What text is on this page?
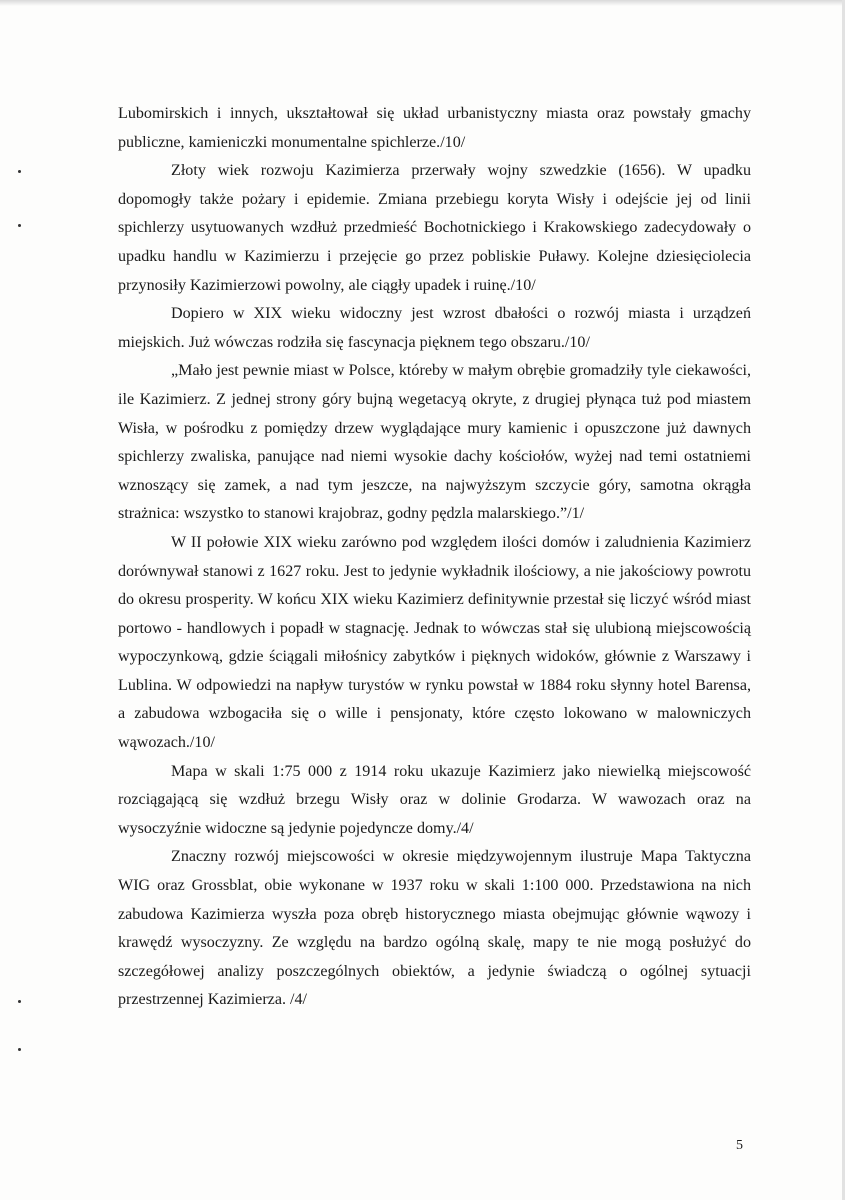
Lubomirskich i innych, ukształtował się układ urbanistyczny miasta oraz powstały gmachy publiczne, kamieniczki monumentalne spichlerze./10/

Złoty wiek rozwoju Kazimierza przerwały wojny szwedzkie (1656). W upadku dopomogły także pożary i epidemie. Zmiana przebiegu koryta Wisły i odejście jej od linii spichlerzy usytuowanych wzdłuż przedmieść Bochotnickiego i Krakowskiego zadecydowały o upadku handlu w Kazimierzu i przejęcie go przez pobliskie Puławy. Kolejne dziesięciolecia przynosiły Kazimierzowi powolny, ale ciągły upadek i ruinę./10/

Dopiero w XIX wieku widoczny jest wzrost dbałości o rozwój miasta i urządzeń miejskich. Już wówczas rodziła się fascynacja pięknem tego obszaru./10/

„Mało jest pewnie miast w Polsce, któreby w małym obrębie gromadziły tyle ciekawości, ile Kazimierz. Z jednej strony góry bujną wegetacyą okryte, z drugiej płynąca tuż pod miastem Wisła, w pośrodku z pomiędzy drzew wyglądające mury kamienic i opuszczone już dawnych spichlerzy zwaliska, panujące nad niemi wysokie dachy kościołów, wyżej nad temi ostatniemi wznoszący się zamek, a nad tym jeszcze, na najwyższym szczycie góry, samotna okrągła strażnica: wszystko to stanowi krajobraz, godny pędzla malarskiego.”/1/

W II połowie XIX wieku zarówno pod względem ilości domów i zaludnienia Kazimierz dorównywał stanowi z 1627 roku. Jest to jedynie wykładnik ilościowy, a nie jakościowy powrotu do okresu prosperity. W końcu XIX wieku Kazimierz definitywnie przestał się liczyć wśród miast portowo - handlowych i popadł w stagnację. Jednak to wówczas stał się ulubioną miejscowością wypoczynkową, gdzie ściągali miłośnicy zabytków i pięknych widoków, głównie z Warszawy i Lublina. W odpowiedzi na napływ turystów w rynku powstał w 1884 roku słynny hotel Barensa, a zabudowa wzbogaciła się o wille i pensjonaty, które często lokowano w malowniczych wąwozach./10/

Mapa w skali 1:75 000 z 1914 roku ukazuje Kazimierz jako niewielką miejscowość rozciągającą się wzdłuż brzegu Wisły oraz w dolinie Grodarza. W wawozach oraz na wysoczyźnie widoczne są jedynie pojedyncze domy./4/

Znaczny rozwój miejscowości w okresie międzywojennym ilustruje Mapa Taktyczna WIG oraz Grossblat, obie wykonane w 1937 roku w skali 1:100 000. Przedstawiona na nich zabudowa Kazimierza wyszła poza obręb historycznego miasta obejmując głównie wąwozy i krawędź wysoczyzny. Ze względu na bardzo ogólną skalę, mapy te nie mogą posłużyć do szczegółowej analizy poszczególnych obiektów, a jedynie świadczą o ogólnej sytuacji przestrzennej Kazimierza. /4/

5
